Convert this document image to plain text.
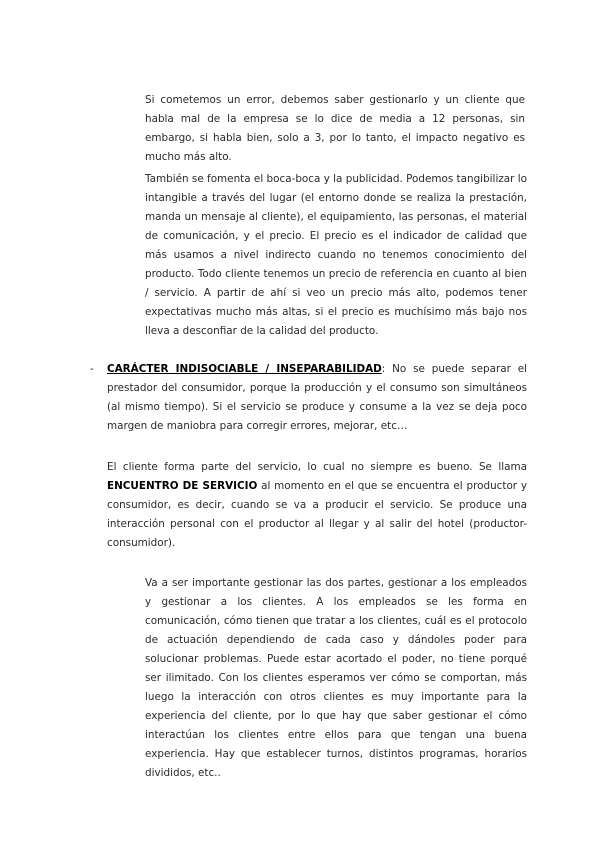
Si cometemos un error, debemos saber gestionarlo y un cliente que habla mal de la empresa se lo dice de media a 12 personas, sin embargo, si habla bien, solo a 3, por lo tanto, el impacto negativo es mucho más alto.

También se fomenta el boca-boca y la publicidad. Podemos tangibilizar lo intangible a través del lugar (el entorno donde se realiza la prestación, manda un mensaje al cliente), el equipamiento, las personas, el material de comunicación, y el precio. El precio es el indicador de calidad que más usamos a nivel indirecto cuando no tenemos conocimiento del producto. Todo cliente tenemos un precio de referencia en cuanto al bien / servicio. A partir de ahí si veo un precio más alto, podemos tener expectativas mucho más altas, si el precio es muchísimo más bajo nos lleva a desconfiar de la calidad del producto.

- CARÁCTER INDISOCIABLE / INSEPARABILIDAD: No se puede separar el prestador del consumidor, porque la producción y el consumo son simultáneos (al mismo tiempo). Si el servicio se produce y consume a la vez se deja poco margen de maniobra para corregir errores, mejorar, etc…

El cliente forma parte del servicio, lo cual no siempre es bueno. Se llama ENCUENTRO DE SERVICIO al momento en el que se encuentra el productor y consumidor, es decir, cuando se va a producir el servicio. Se produce una interacción personal con el productor al llegar y al salir del hotel (productor-consumidor).

Va a ser importante gestionar las dos partes, gestionar a los empleados y gestionar a los clientes. A los empleados se les forma en comunicación, cómo tienen que tratar a los clientes, cuál es el protocolo de actuación dependiendo de cada caso y dándoles poder para solucionar problemas. Puede estar acortado el poder, no tiene porqué ser ilimitado. Con los clientes esperamos ver cómo se comportan, más luego la interacción con otros clientes es muy importante para la experiencia del cliente, por lo que hay que saber gestionar el cómo interactúan los clientes entre ellos para que tengan una buena experiencia. Hay que establecer turnos, distintos programas, horarios divididos, etc..
